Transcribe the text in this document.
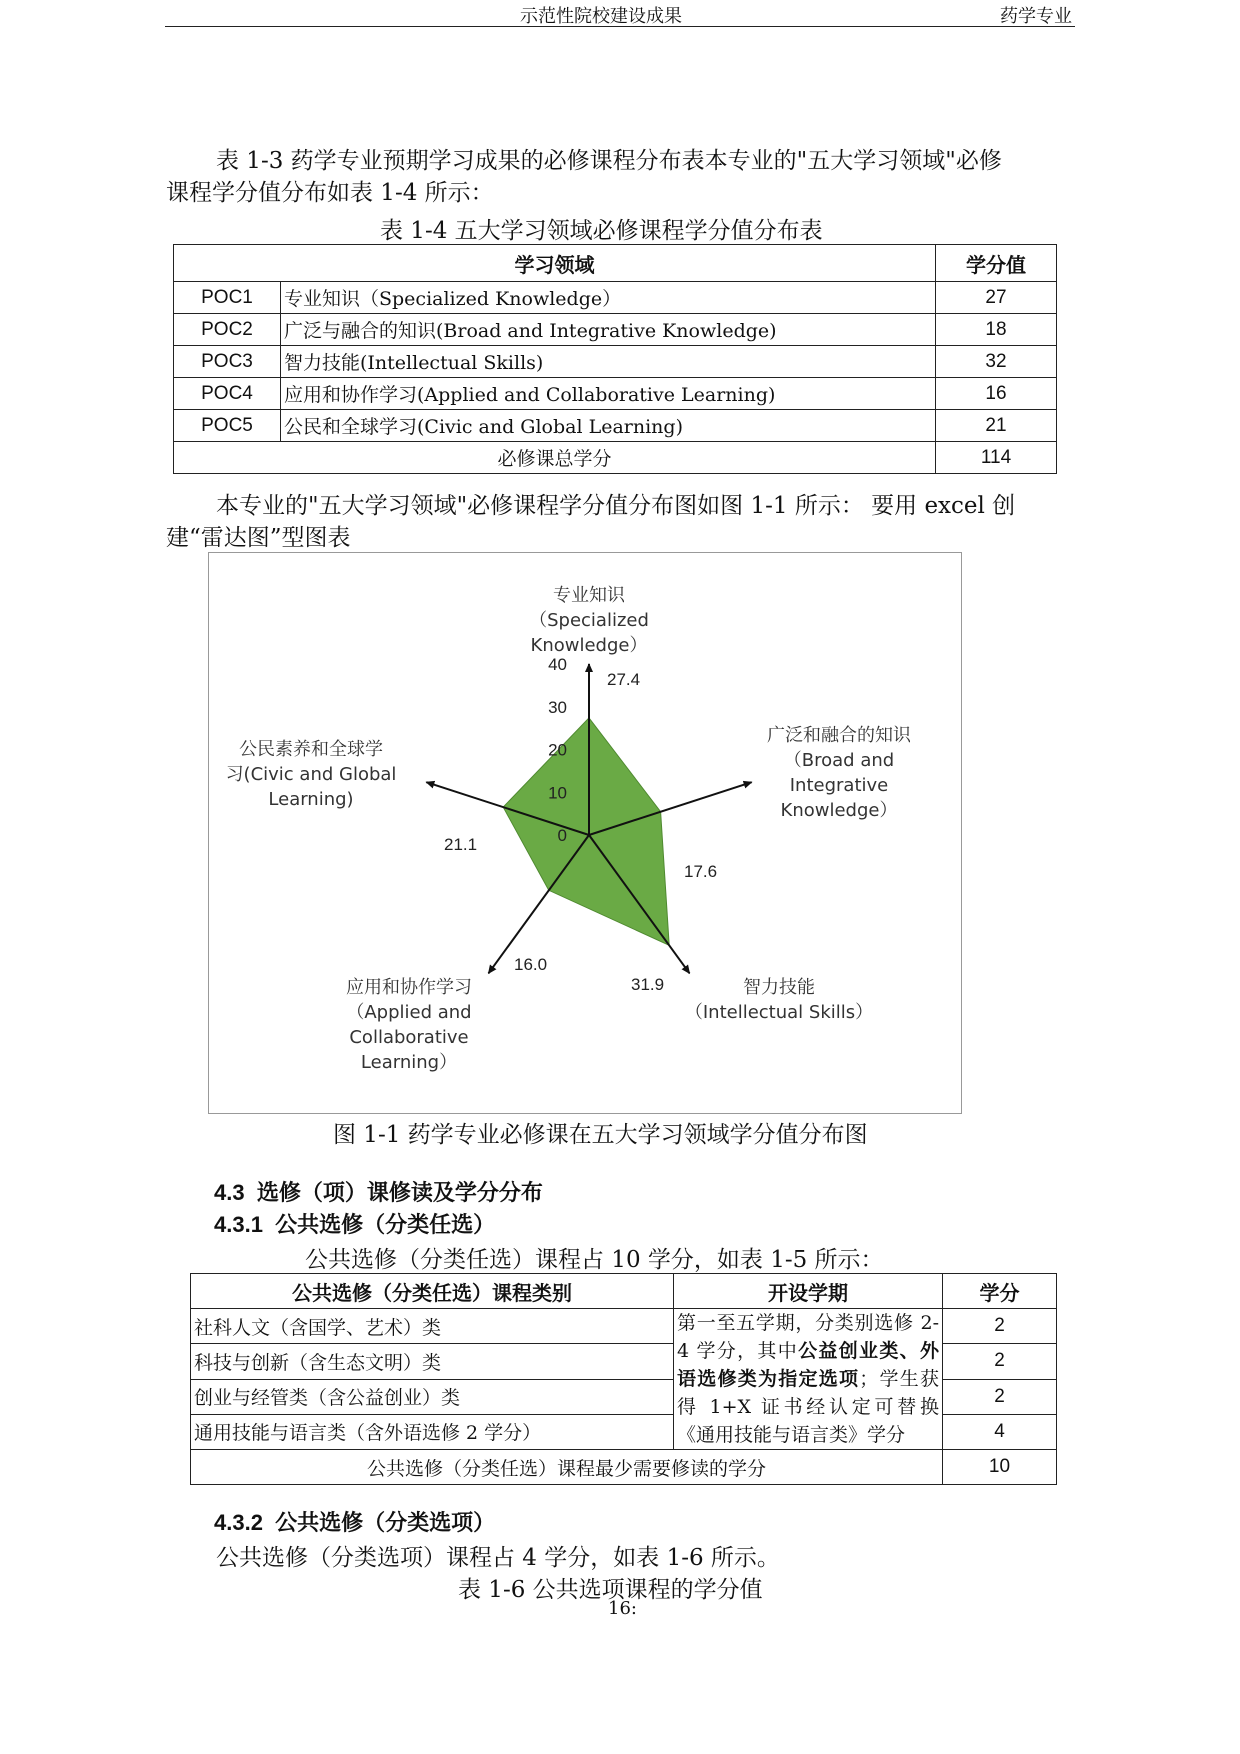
示范性院校建设成果	药学专业
表 1-3 药学专业预期学习成果的必修课程分布表本专业的"五大学习领域"必修
课程学分值分布如表 1-4 所示：
表 1-4 五大学习领域必修课程学分值分布表
学习领域		学分值
POC1	专业知识（Specialized Knowledge）	27
POC2	广泛与融合的知识(Broad and Integrative Knowledge)	18
POC3	智力技能(Intellectual Skills)	32
POC4	应用和协作学习(Applied and Collaborative Learning)	16
POC5	公民和全球学习(Civic and Global Learning)	21
必修课总学分		114
本专业的"五大学习领域"必修课程学分值分布图如图 1-1 所示： 要用 excel 创
建“雷达图”型图表
0
10
20
30
40
27.4
17.6
31.9
16.0
21.1
专业知识
（Specialized
Knowledge）
广泛和融合的知识
（Broad and
Integrative
Knowledge）
智力技能
（Intellectual Skills）
应用和协作学习
（Applied and
Collaborative
Learning）
公民素养和全球学
习(Civic and Global
Learning)
图 1-1 药学专业必修课在五大学习领域学分值分布图
4.3 选修（项）课修读及学分分布
4.3.1 公共选修（分类任选）
公共选修（分类任选）课程占 10 学分，如表 1-5 所示：
公共选修（分类任选）课程类别	开设学期	学分
社科人文（含国学、艺术）类	第一至五学期，分类别选修 2-4 学分，其中公益创业类、外语选修类为指定选项；学生获得 1+X 证书经认定可替换《通用技能与语言类》学分	2
科技与创新（含生态文明）类		2
创业与经管类（含公益创业）类		2
通用技能与语言类（含外语选修 2 学分）		4
公共选修（分类任选）课程最少需要修读的学分		10
4.3.2 公共选修（分类选项）
公共选修（分类选项）课程占 4 学分，如表 1-6 所示。
表 1-6 公共选项课程的学分值
16:
